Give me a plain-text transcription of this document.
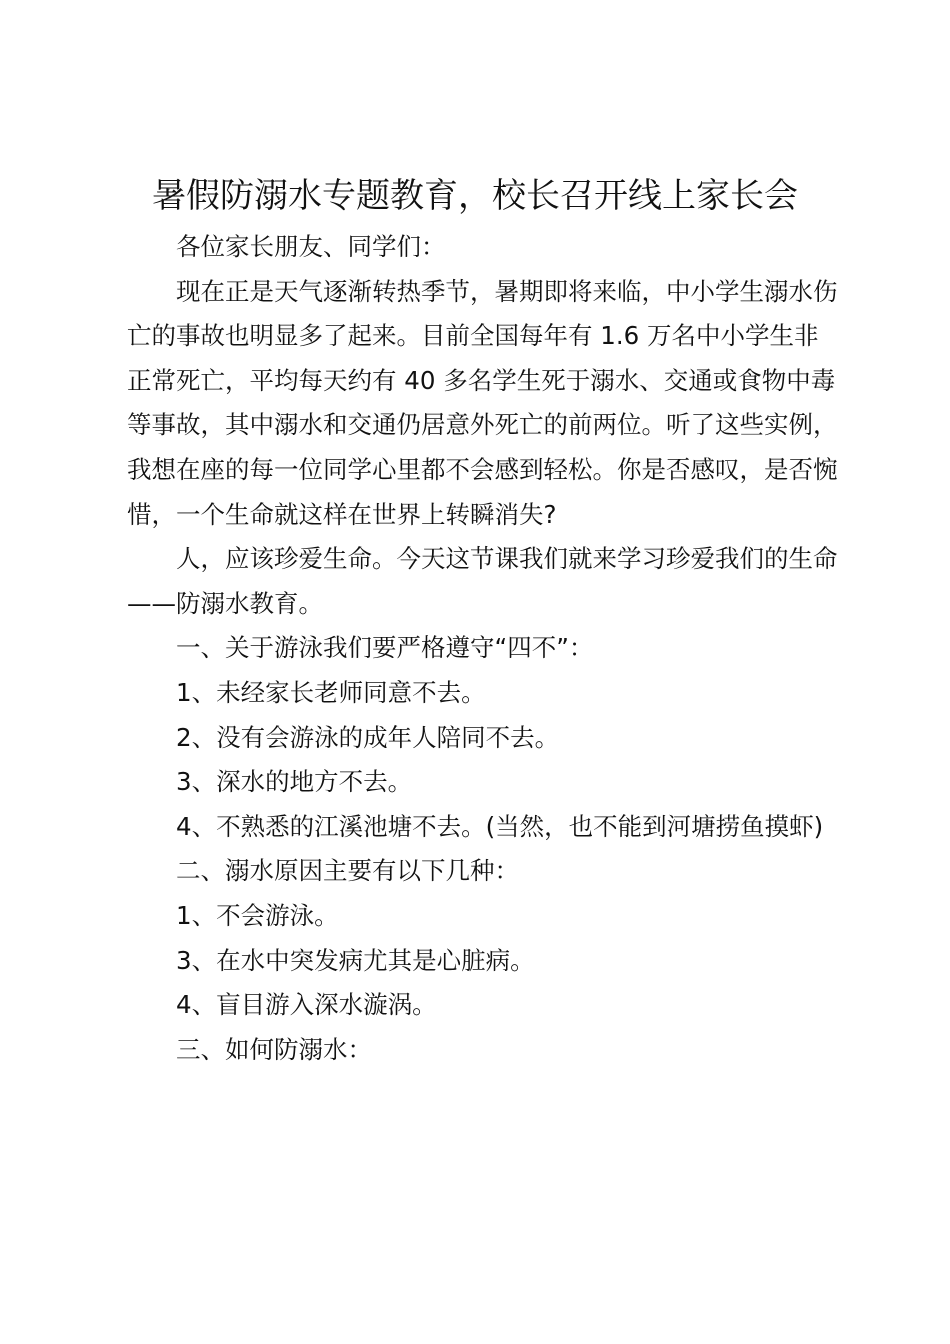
暑假防溺水专题教育，校长召开线上家长会

各位家长朋友、同学们：

现在正是天气逐渐转热季节，暑期即将来临，中小学生溺水伤亡的事故也明显多了起来。目前全国每年有 1.6 万名中小学生非正常死亡，平均每天约有 40 多名学生死于溺水、交通或食物中毒等事故，其中溺水和交通仍居意外死亡的前两位。听了这些实例，我想在座的每一位同学心里都不会感到轻松。你是否感叹，是否惋惜，一个生命就这样在世界上转瞬消失?

人，应该珍爱生命。今天这节课我们就来学习珍爱我们的生命——防溺水教育。

一、关于游泳我们要严格遵守“四不”：

1、未经家长老师同意不去。

2、没有会游泳的成年人陪同不去。

3、深水的地方不去。

4、不熟悉的江溪池塘不去。(当然，也不能到河塘捞鱼摸虾)

二、溺水原因主要有以下几种：

1、不会游泳。

3、在水中突发病尤其是心脏病。

4、盲目游入深水漩涡。

三、如何防溺水：
